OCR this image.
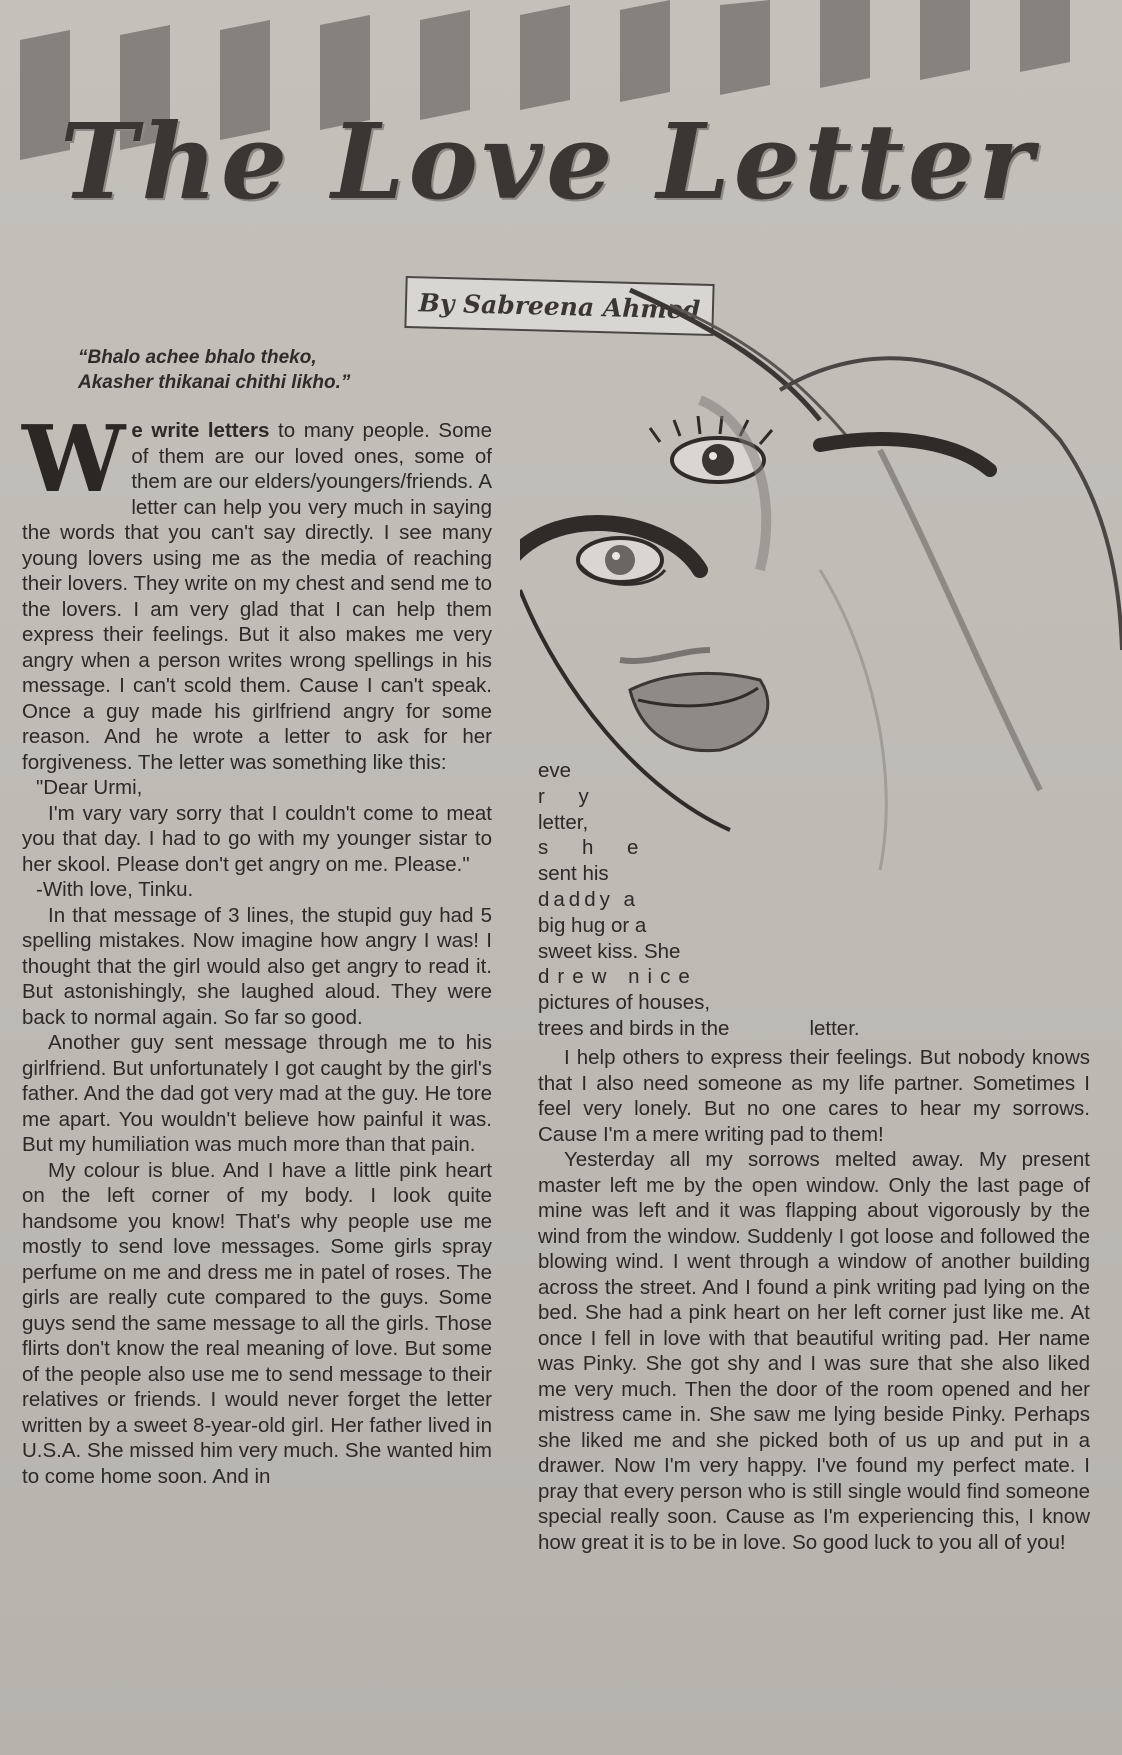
The Love Letter
By Sabreena Ahmed
“Bhalo achee bhalo theko,
Akasher thikanai chithi likho.”

We write letters to many people. Some of them are our loved ones, some of them are our elders/youngers/friends. A letter can help you very much in saying the words that you can't say directly. I see many young lovers using me as the media of reaching their lovers. They write on my chest and send me to the lovers. I am very glad that I can help them express their feelings. But it also makes me very angry when a person writes wrong spellings in his message. I can't scold them. Cause I can't speak. Once a guy made his girlfriend angry for some reason. And he wrote a letter to ask for her forgiveness. The letter was something like this:

"Dear Urmi,

I'm vary vary sorry that I couldn't come to meat you that day. I had to go with my younger sistar to her skool. Please don't get angry on me. Please."

-With love, Tinku.

In that message of 3 lines, the stupid guy had 5 spelling mistakes. Now imagine how angry I was! I thought that the girl would also get angry to read it. But astonishingly, she laughed aloud. They were back to normal again. So far so good.

Another guy sent message through me to his girlfriend. But unfortunately I got caught by the girl's father. And the dad got very mad at the guy. He tore me apart. You wouldn't believe how painful it was. But my humiliation was much more than that pain.

My colour is blue. And I have a little pink heart on the left corner of my body. I look quite handsome you know! That's why people use me mostly to send love messages. Some girls spray perfume on me and dress me in patel of roses. The girls are really cute compared to the guys. Some guys send the same message to all the girls. Those flirts don't know the real meaning of love. But some of the people also use me to send message to their relatives or friends. I would never forget the letter written by a sweet 8-year-old girl. Her father lived in U.S.A. She missed him very much. She wanted him to come home soon. And in

eve
r y
letter,
s h e
sent his
daddy a
big hug or a
sweet kiss. She
drew nice
pictures of houses,
trees and birds in the	letter.

I help others to express their feelings. But nobody knows that I also need someone as my life partner. Sometimes I feel very lonely. But no one cares to hear my sorrows. Cause I'm a mere writing pad to them!

Yesterday all my sorrows melted away. My present master left me by the open window. Only the last page of mine was left and it was flapping about vigorously by the wind from the window. Suddenly I got loose and followed the blowing wind. I went through a window of another building across the street. And I found a pink writing pad lying on the bed. She had a pink heart on her left corner just like me. At once I fell in love with that beautiful writing pad. Her name was Pinky. She got shy and I was sure that she also liked me very much. Then the door of the room opened and her mistress came in. She saw me lying beside Pinky. Perhaps she liked me and she picked both of us up and put in a drawer. Now I'm very happy. I've found my perfect mate. I pray that every person who is still single would find someone special really soon. Cause as I'm experiencing this, I know how great it is to be in love. So good luck to you all of you!
